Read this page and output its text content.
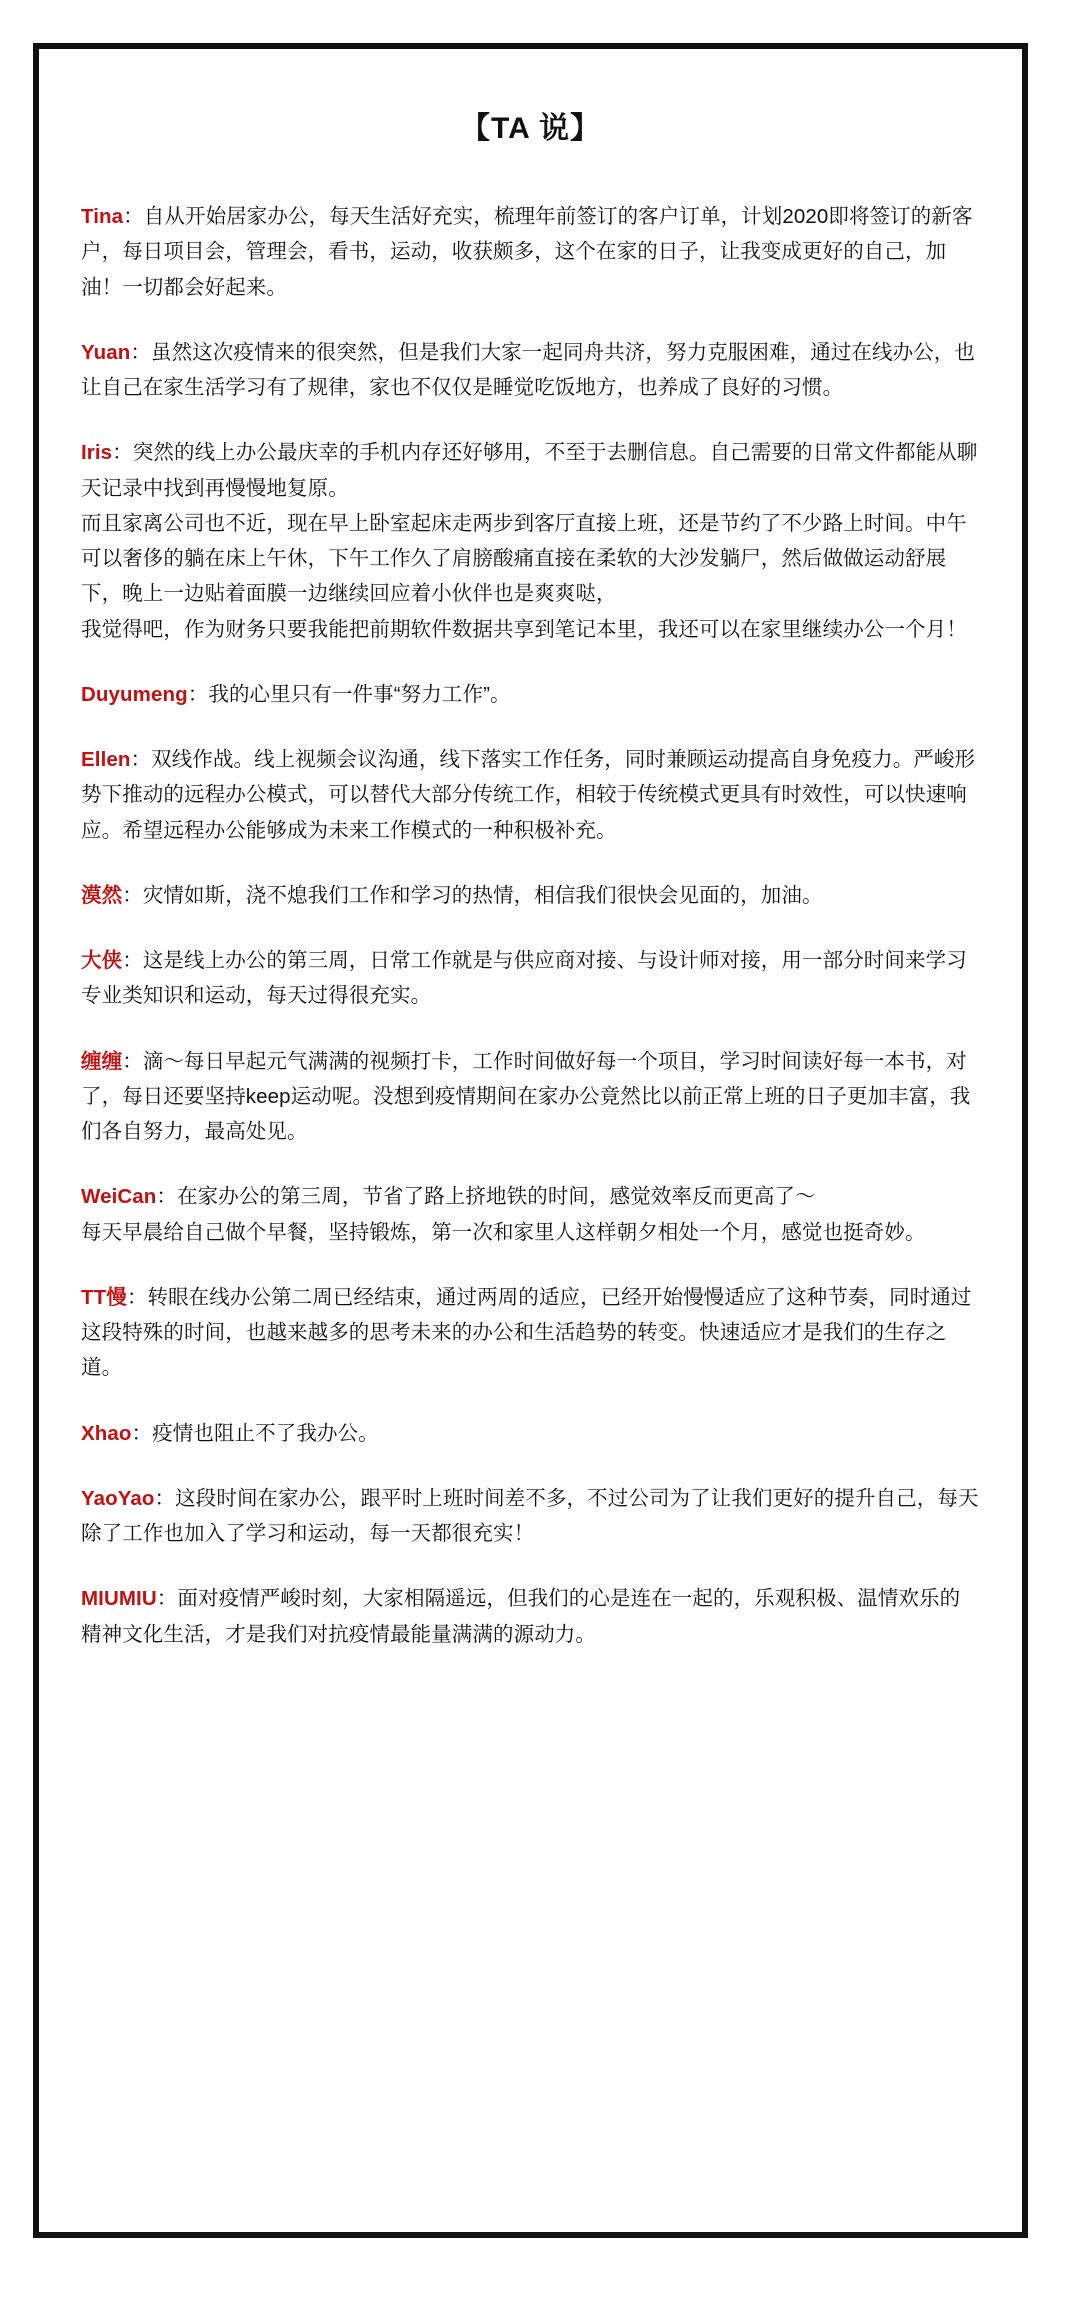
【TA 说】

Tina：自从开始居家办公，每天生活好充实，梳理年前签订的客户订单，计划2020即将签订的新客户，每日项目会，管理会，看书，运动，收获颇多，这个在家的日子，让我变成更好的自己，加油！一切都会好起来。

Yuan：虽然这次疫情来的很突然，但是我们大家一起同舟共济，努力克服困难，通过在线办公，也让自己在家生活学习有了规律，家也不仅仅是睡觉吃饭地方，也养成了良好的习惯。

Iris：突然的线上办公最庆幸的手机内存还好够用，不至于去删信息。自己需要的日常文件都能从聊天记录中找到再慢慢地复原。

而且家离公司也不近，现在早上卧室起床走两步到客厅直接上班，还是节约了不少路上时间。中午可以奢侈的躺在床上午休，下午工作久了肩膀酸痛直接在柔软的大沙发躺尸，然后做做运动舒展下，晚上一边贴着面膜一边继续回应着小伙伴也是爽爽哒，

我觉得吧，作为财务只要我能把前期软件数据共享到笔记本里，我还可以在家里继续办公一个月！

Duyumeng：我的心里只有一件事“努力工作”。

Ellen：双线作战。线上视频会议沟通，线下落实工作任务，同时兼顾运动提高自身免疫力。严峻形势下推动的远程办公模式，可以替代大部分传统工作，相较于传统模式更具有时效性，可以快速响应。希望远程办公能够成为未来工作模式的一种积极补充。

漠然：灾情如斯，浇不熄我们工作和学习的热情，相信我们很快会见面的，加油。

大侠：这是线上办公的第三周，日常工作就是与供应商对接、与设计师对接，用一部分时间来学习专业类知识和运动，每天过得很充实。

缠缠：滴～每日早起元气满满的视频打卡，工作时间做好每一个项目，学习时间读好每一本书，对了，每日还要坚持keep运动呢。没想到疫情期间在家办公竟然比以前正常上班的日子更加丰富，我们各自努力，最高处见。

WeiCan：在家办公的第三周，节省了路上挤地铁的时间，感觉效率反而更高了～

每天早晨给自己做个早餐，坚持锻炼，第一次和家里人这样朝夕相处一个月，感觉也挺奇妙。

TT慢：转眼在线办公第二周已经结束，通过两周的适应，已经开始慢慢适应了这种节奏，同时通过这段特殊的时间，也越来越多的思考未来的办公和生活趋势的转变。快速适应才是我们的生存之道。

Xhao：疫情也阻止不了我办公。

YaoYao：这段时间在家办公，跟平时上班时间差不多，不过公司为了让我们更好的提升自己，每天除了工作也加入了学习和运动，每一天都很充实！

MIUMIU：面对疫情严峻时刻，大家相隔遥远，但我们的心是连在一起的，乐观积极、温情欢乐的精神文化生活，才是我们对抗疫情最能量满满的源动力。
